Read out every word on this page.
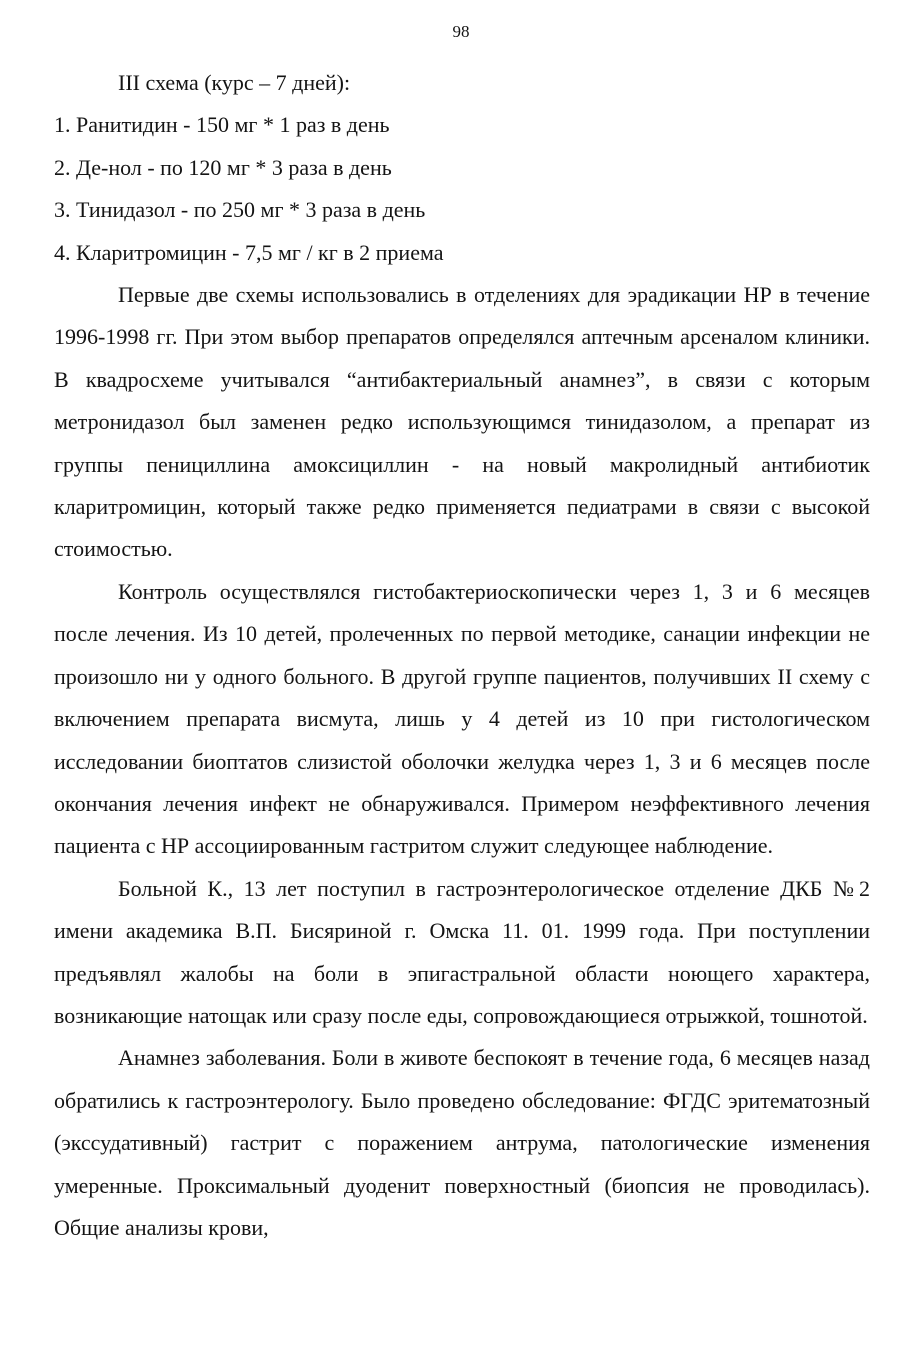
98

III схема (курс – 7 дней):

1. Ранитидин - 150 мг * 1 раз в день
2. Де-нол - по 120 мг * 3 раза в день
3. Тинидазол - по 250 мг * 3 раза в день
4. Кларитромицин - 7,5 мг / кг в 2 приема

Первые две схемы использовались в отделениях для эрадикации НР в течение 1996-1998 гг. При этом выбор препаратов определялся аптечным арсеналом клиники. В квадросхеме учитывался “антибактериальный анамнез”, в связи с которым метронидазол был заменен редко использующимся тинидазолом, а препарат из группы пенициллина амоксициллин - на новый макролидный антибиотик кларитромицин, который также редко применяется педиатрами в связи с высокой стоимостью.

Контроль осуществлялся гистобактериоскопически через 1, 3 и 6 месяцев после лечения. Из 10 детей, пролеченных по первой методике, санации инфекции не произошло ни у одного больного. В другой группе пациентов, получивших II схему с включением препарата висмута, лишь у 4 детей из 10 при гистологическом исследовании биоптатов слизистой оболочки желудка через 1, 3 и 6 месяцев после окончания лечения инфект не обнаруживался. Примером неэффективного лечения пациента с НР ассоциированным гастритом служит следующее наблюдение.

Больной К., 13 лет поступил в гастроэнтерологическое отделение ДКБ №2 имени академика В.П. Бисяриной г. Омска 11. 01. 1999 года. При поступлении предъявлял жалобы на боли в эпигастральной области ноющего характера, возникающие натощак или сразу после еды, сопровождающиеся отрыжкой, тошнотой.

Анамнез заболевания. Боли в животе беспокоят в течение года, 6 месяцев назад обратились к гастроэнтерологу. Было проведено обследование: ФГДС эритематозный (экссудативный) гастрит с поражением антрума, патологические изменения умеренные. Проксимальный дуоденит поверхностный (биопсия не проводилась). Общие анализы крови,
